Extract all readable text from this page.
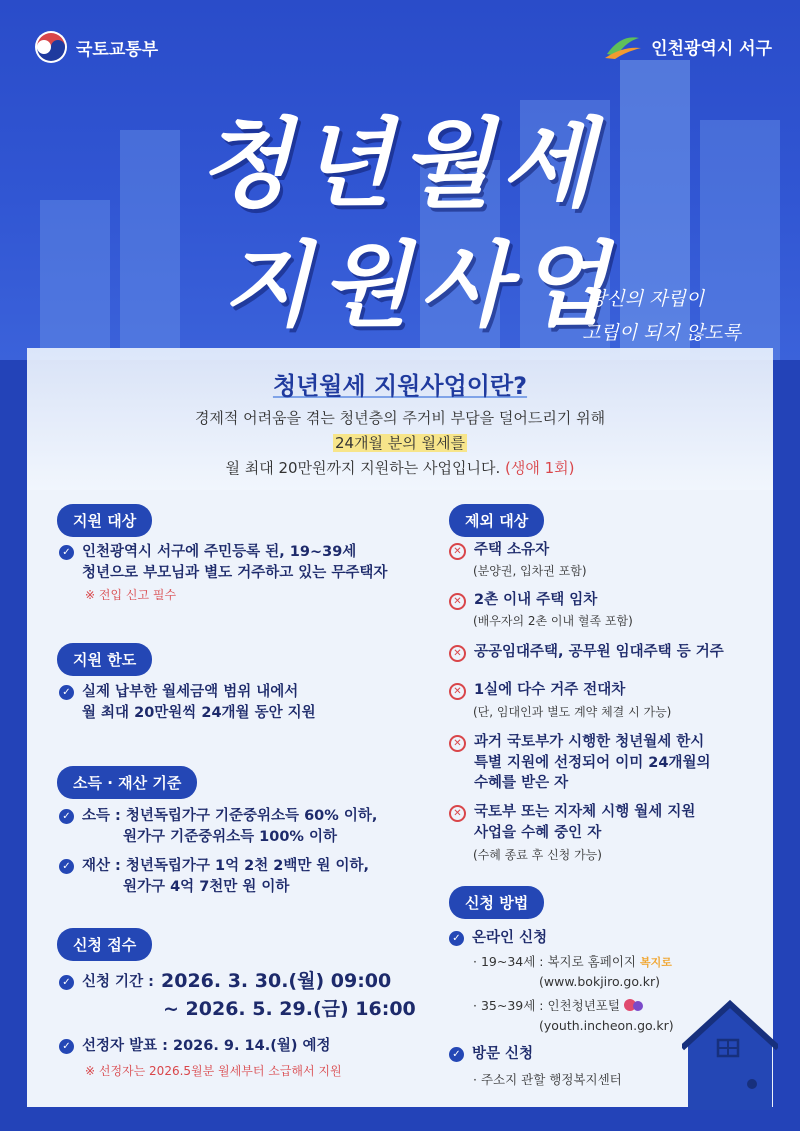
국토교통부	인천광역시 서구
청년월세
지원사업
당신의 자립이
고립이 되지 않도록
청년월세 지원사업이란?

경제적 어려움을 겪는 청년층의 주거비 부담을 덜어드리기 위해

24개월 분의 월세를

월 최대 20만원까지 지원하는 사업입니다. (생애 1회)

지원 대상
✓ 인천광역시 서구에 주민등록 된, 19~39세
청년으로 부모님과 별도 거주하고 있는 무주택자
※ 전입 신고 필수
지원 한도
✓ 실제 납부한 월세금액 범위 내에서
월 최대 20만원씩 24개월 동안 지원
소득 · 재산 기준
✓ 소득 : 청년독립가구 기준중위소득 60% 이하,
원가구 기준중위소득 100% 이하
✓ 재산 : 청년독립가구 1억 2천 2백만 원 이하,
원가구 4억 7천만 원 이하
신청 접수
✓ 신청 기간 : 2026. 3. 30.(월) 09:00
~ 2026. 5. 29.(금) 16:00
✓ 선정자 발표 : 2026. 9. 14.(월) 예정
※ 선정자는 2026.5월분 월세부터 소급해서 지원
제외 대상
✕ 주택 소유자
(분양권, 입차권 포함)
✕ 2촌 이내 주택 임차
(배우자의 2촌 이내 혈족 포함)
✕ 공공임대주택, 공무원 임대주택 등 거주
✕ 1실에 다수 거주 전대차
(단, 임대인과 별도 계약 체결 시 가능)
✕ 과거 국토부가 시행한 청년월세 한시
특별 지원에 선정되어 이미 24개월의
수혜를 받은 자
✕ 국토부 또는 지자체 시행 월세 지원
사업을 수혜 중인 자
(수혜 종료 후 신청 가능)
신청 방법
✓ 온라인 신청
· 19~34세 : 복지로 홈페이지 복지로
(www.bokjiro.go.kr)
· 35~39세 : 인천청년포털
(youth.incheon.go.kr)
✓ 방문 신청
· 주소지 관할 행정복지센터
